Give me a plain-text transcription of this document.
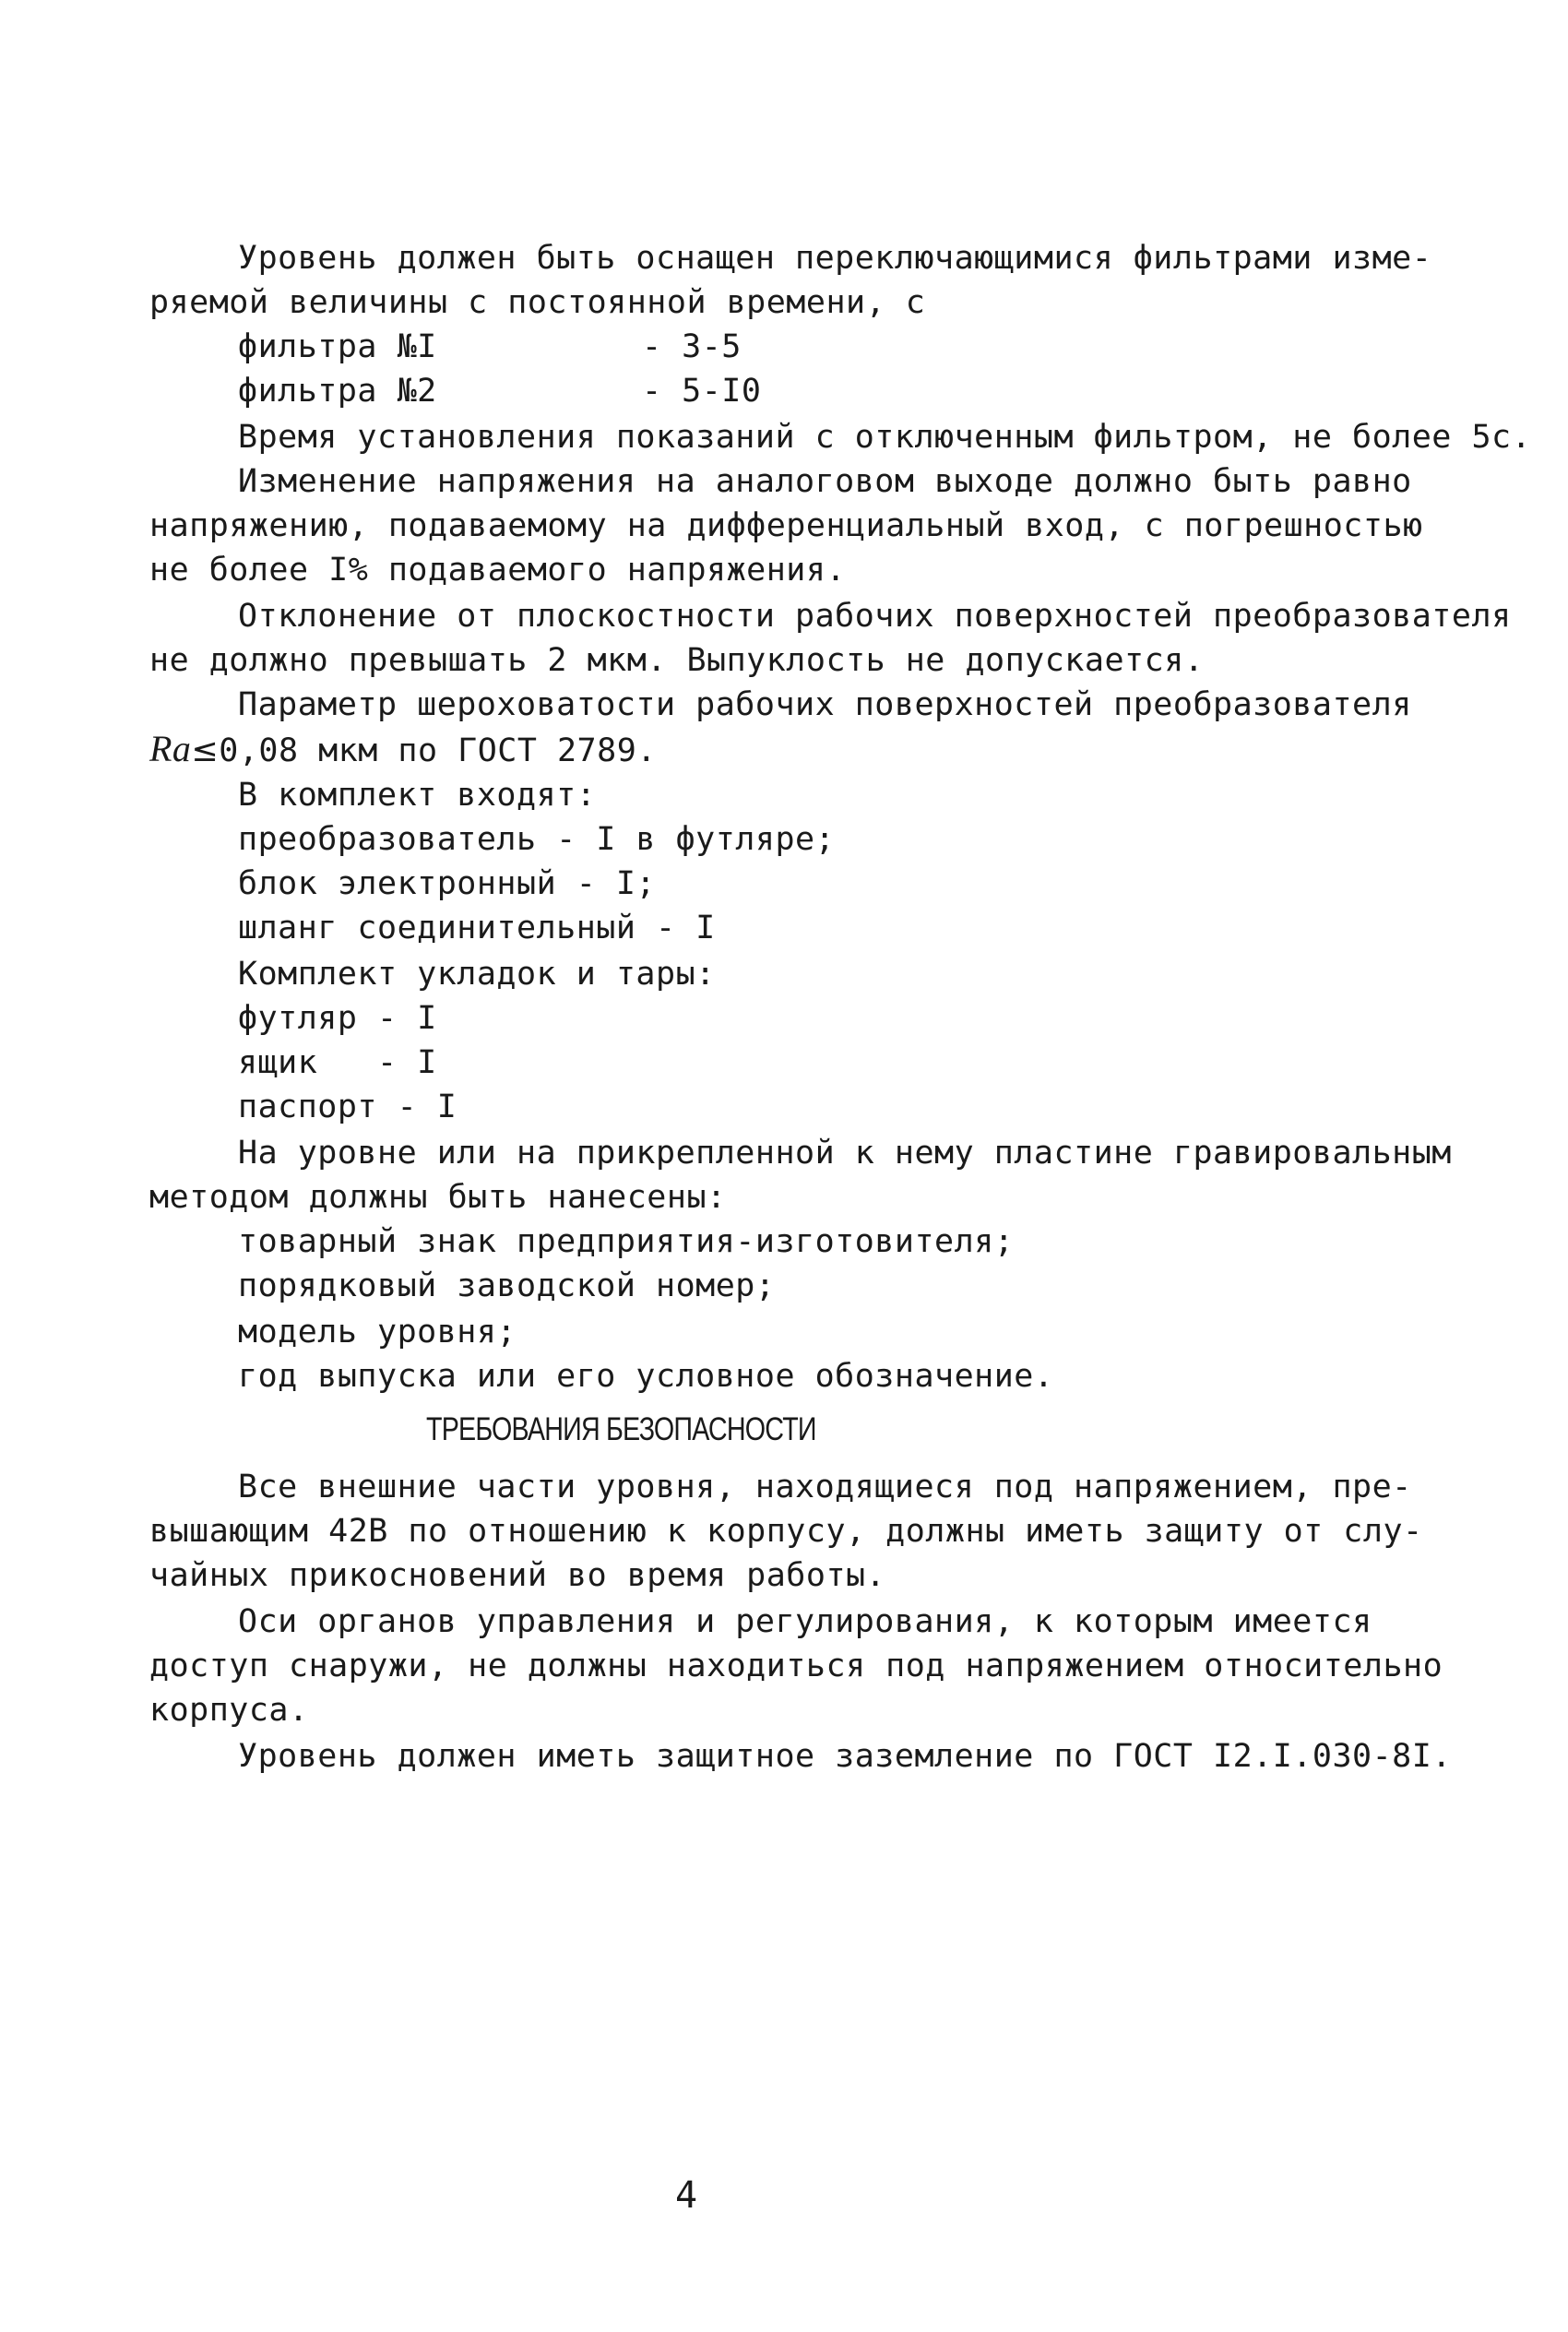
Уровень должен быть оснащен переключающимися фильтрами изме-
ряемой величины с постоянной времени, с
фильтра №I	- 3-5
фильтра №2	- 5-I0
Время установления показаний с отключенным фильтром, не более 5с.
Изменение напряжения на аналоговом выходе должно быть равно
напряжению, подаваемому на дифференциальный вход, с погрешностью
не более I% подаваемого напряжения.
Отклонение от плоскостности рабочих поверхностей преобразователя
не должно превышать 2 мкм. Выпуклость не допускается.
Параметр шероховатости рабочих поверхностей преобразователя
Ra≤0,08 мкм по ГОСТ 2789.
В комплект входят:
преобразователь - I в футляре;
блок электронный - I;
шланг соединительный - I
Комплект укладок и тары:
футляр - I
ящик   - I
паспорт - I
На уровне или на прикрепленной к нему пластине гравировальным
методом должны быть нанесены:
товарный знак предприятия-изготовителя;
порядковый заводской номер;
модель уровня;
год выпуска или его условное обозначение.
ТРЕБОВАНИЯ БЕЗОПАСНОСТИ
Все внешние части уровня, находящиеся под напряжением, пре-
вышающим 42В по отношению к корпусу, должны иметь защиту от слу-
чайных прикосновений во время работы.
Оси органов управления и регулирования, к которым имеется
доступ снаружи, не должны находиться под напряжением относительно
корпуса.
Уровень должен иметь защитное заземление по ГОСТ I2.I.030-8I.
4
